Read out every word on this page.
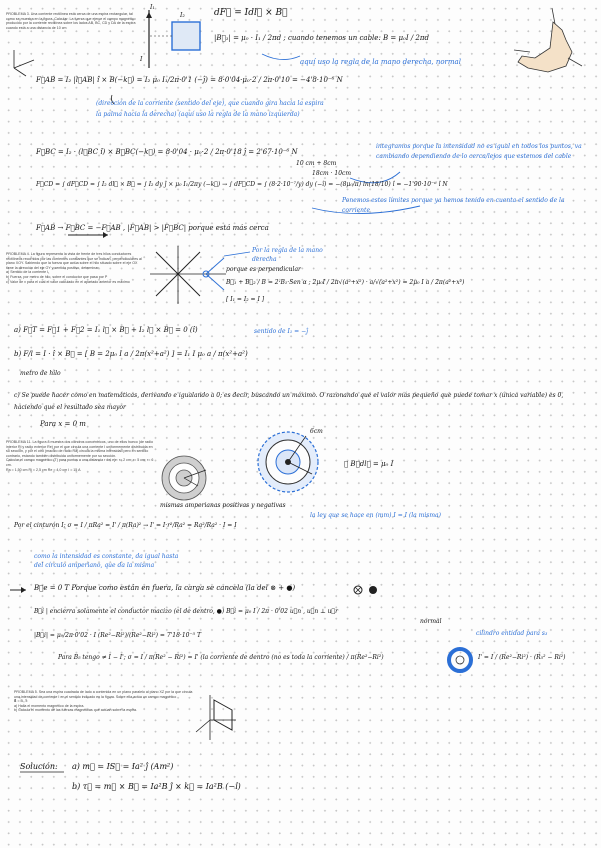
PROBLEMA 3. Una corriente rectilínea está cerca de una espira rectangular, tal como se muestra en la figura. Calcular: La fuerza que ejerce el campo magnético producido por la corriente rectilínea sobre los lados AB, BC, CD y DA de la espira cuando está a una distancia de 10 cm
I₁
I₂
I
dF⃗ = Idl⃗ × B⃗
|B⃗₁| = μ₀ · I₁ / 2πd ; cuando tenemos un cable: B = μ₀I / 2πd
aquí uso la regla de la mano derecha, normal
F⃗AB = I₂ |l⃗AB| î × B(−k⃗) = I₂ μ₀ I₁/2π·0'1 (−ĵ) = 8·0'04·μ₀·2 / 2π·0'10 = −4'8·10⁻⁶ N
(dirección de la corriente (sentido del eje), que cuando gira hacia la espira la palma hacia la derecha) (aquí uso la regla de la mano izquierda)
F⃗BC = I₂ · (l⃗BC î) × B⃗BC(−k⃗) = 8·0'04 · μ₀·2 / 2π·0'18 ĵ = 2'67·10⁻⁶ N
10 cm + 8cm
integramos porque la intensidad no es igual en todos los puntos, va cambiando dependiendo de lo cerca/lejos que estemos del cable
F⃗CD = ∫ dF⃗CD = ∫ I₂ dl⃗ × B⃗ = ∫ I₂ dy ĵ × μ₀ I₁/2πy (−k⃗) → ∫ dF⃗CD = ∫ (8·2·10⁻⁷/y) dy (−î) = −(8μ₀/π) ln(18/10) î = −1'90·10⁻⁶ î N
18cm · 10cm
Ponemos estos límites porque ya hemos tenido en cuenta el sentido de la corriente
F⃗AB → F⃗BC = −F⃗AB , |F⃗AB| > |F⃗BC| porque está más cerca
PROBLEMA 4. La figura representa la vista de frente de tres hilos conductores rectilíneos recorridos por las corrientes constantes que se indican, perpendiculares al plano XOY. Sabiendo que la fuerza que actúa sobre el hilo situado sobre el eje OX tiene la dirección del eje OY y sentido positivo, determinar:
a) Sentido de la corriente I₁
b) Fuerza, por metro de hilo, sobre el conductor que pasa por P
c) Valor de x para el cual el valor calculado en el apartado anterior es máximo
Por la regla de la mano derecha
porque es perpendicular
B⃗₁ + B⃗₂ / B = 2·B₁·Sen α ; 2μ₀I / 2π√(a²+x²) · a/√(a²+x²) = 2μ₀ I a / 2π(a²+x²)
[ I₁ = I₂ = I ]
a) F⃗T = F⃗1 + F⃗2 = I₁ l⃗ × B⃗ + I₂ l⃗ × B⃗ = 0 (î)	sentido de I₁ = −ĵ
b) F/l = I · î × B⃗ = [ B = 2μ₀ I a / 2π(x²+a²) ] = I₁ I μ₀ a / π(x²+a²)
metro de hilo
c) Se puede hacer como en matemáticas, derivando e igualando a 0; es decir, buscando un máximo. O razonando que el valor más pequeño que puede tomar x (única variable) es 0, haciendo que el resultado sea mayor
Para x = 0 m
PROBLEMA 11. La figura 8 muestra dos cilindros concéntricos, uno de ellos hueco (de radio interior Ri y radio exterior Re) por el que circula una corriente I uniformemente distribuida en su sección, y por el otro (macizo de radio Ra) circula la misma intensidad pero en sentido contrario, estando también distribuida uniformemente por su sección.
Calcular el campo magnético (T) para puntos a una distancia r del eje: r= 2 cm; r= 5 cm; r= 6 cm.
Ra = 1,50 cm Ri = 2,5 cm Re = 4,0 cm I = 15 A
6cm
∮ B⃗dl⃗ = μ₀ I
mismas amperianas positivas y negativas
Por el cinturón I; σ = I / πRa² = I' / π(Ra)² → I' = I·r²/Ra² = Ra²/Ra² · I = I
la ley que se hace en (mm) I = I (la misma)
como la intensidad es constante, da igual hasta del círculo amperiano, que da la misma
B⃗e = 0 T Porque como están en fuera, la carga se cancela (la del ⊗ + ●)
B⃗i | encierra solamente el conductor macizo (el de dentro, ●) B⃗i = μ₀ I / 2π · 0'02 u⃗n , u⃗n ⊥ u⃗r
normal
|B⃗i| = μ₀/2π·0'02 · I (Re²−Ri²)/(Re²−Ri²) = 7'18·10⁻⁵ T	cilindro entidad para s₃
Para B₅ tengo ≠ I − I'; σ = I / π(Re² − Ri²) = I' (la corriente de dentro (no es toda la corriente) / π(Re²−Ri²)	I' = I / (Re²−Ri²) · (R₅² − Ri²)
PROBLEMA 5. Sea una espira cuadrada de lado a contenida en un plano paralelo al plano XZ por la que circula una intensidad de corriente I en el sentido indicado en la figura. Sobre ella actúa un campo magnético
B⃗ = B₀ k⃗
a) Halla el momento magnético de la espira.
b) Calcula el momento de las fuerzas magnéticas que actúan sobre la espira.
Solución: a) m⃗ = IS⃗ = Ia² ĵ (Am²)
b) τ⃗ = m⃗ × B⃗ = Ia²B ĵ × k⃗ = Ia²B (−î)
